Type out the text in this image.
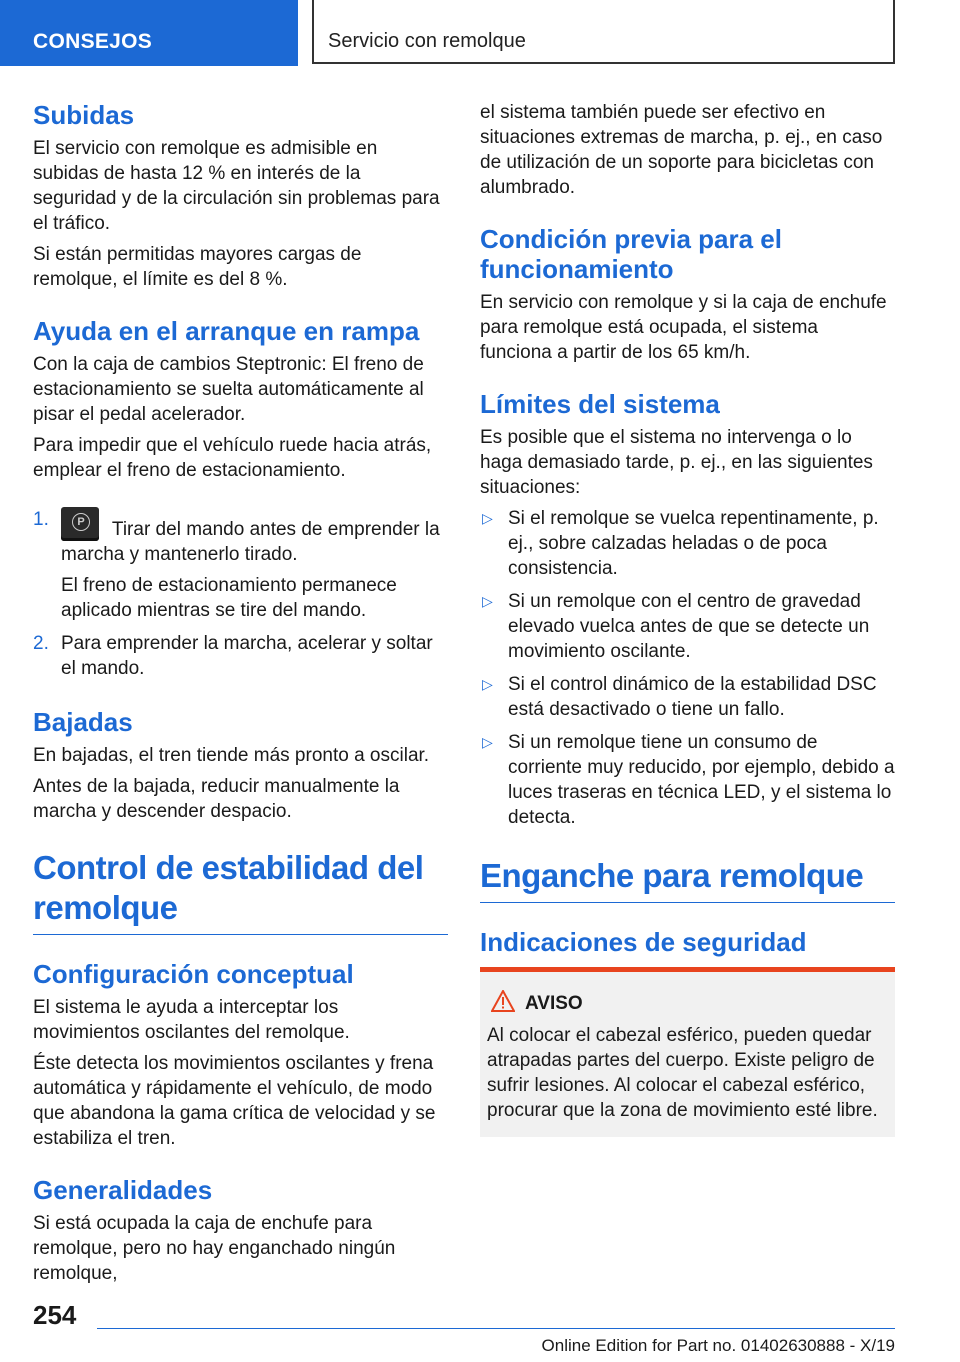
CONSEJOS	Servicio con remolque
Subidas

El servicio con remolque es admisible en subidas de hasta 12 % en interés de la seguridad y de la circulación sin problemas para el tráfico.

Si están permitidas mayores cargas de remolque, el límite es del 8 %.

Ayuda en el arranque en rampa

Con la caja de cambios Steptronic: El freno de estacionamiento se suelta automáticamente al pisar el pedal acelerador.

Para impedir que el vehículo ruede hacia atrás, emplear el freno de estacionamiento.

1.
P	Tirar del mando antes de emprender la marcha y mantenerlo tirado.
El freno de estacionamiento permanece aplicado mientras se tire del mando.
2. Para emprender la marcha, acelerar y soltar el mando.
Bajadas

En bajadas, el tren tiende más pronto a oscilar.

Antes de la bajada, reducir manualmente la marcha y descender despacio.

Control de estabilidad del remolque
Configuración conceptual

El sistema le ayuda a interceptar los movimientos oscilantes del remolque.

Éste detecta los movimientos oscilantes y frena automática y rápidamente el vehículo, de modo que abandona la gama crítica de velocidad y se estabiliza el tren.

Generalidades

Si está ocupada la caja de enchufe para remolque, pero no hay enganchado ningún remolque,

el sistema también puede ser efectivo en situaciones extremas de marcha, p. ej., en caso de utilización de un soporte para bicicletas con alumbrado.

Condición previa para el funcionamiento

En servicio con remolque y si la caja de enchufe para remolque está ocupada, el sistema funciona a partir de los 65 km/h.

Límites del sistema

Es posible que el sistema no intervenga o lo haga demasiado tarde, p. ej., en las siguientes situaciones:

▷ Si el remolque se vuelca repentinamente, p. ej., sobre calzadas heladas o de poca consistencia.
▷ Si un remolque con el centro de gravedad elevado vuelca antes de que se detecte un movimiento oscilante.
▷ Si el control dinámico de la estabilidad DSC está desactivado o tiene un fallo.
▷ Si un remolque tiene un consumo de corriente muy reducido, por ejemplo, debido a luces traseras en técnica LED, y el sistema lo detecta.
Enganche para remolque
Indicaciones de seguridad
AVISO

Al colocar el cabezal esférico, pueden quedar atrapadas partes del cuerpo. Existe peligro de sufrir lesiones. Al colocar el cabezal esférico, procurar que la zona de movimiento esté libre.

254
Online Edition for Part no. 01402630888 - X/19
